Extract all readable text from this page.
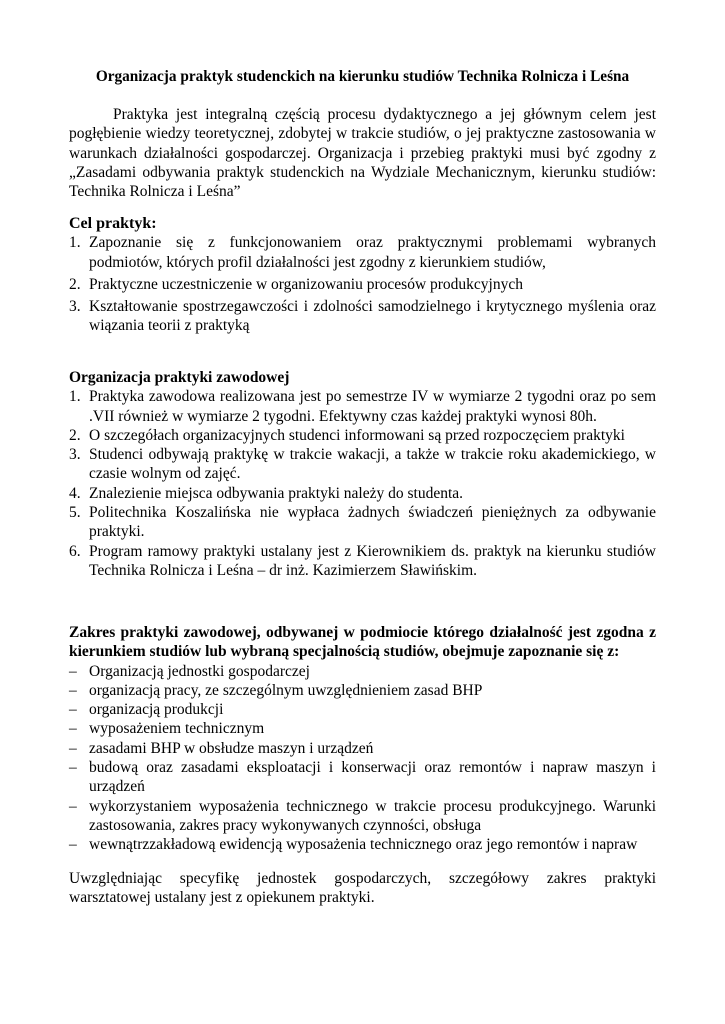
Organizacja praktyk studenckich na kierunku studiów Technika Rolnicza i Leśna

Praktyka jest integralną częścią procesu dydaktycznego a jej głównym celem jest pogłębienie wiedzy teoretycznej, zdobytej w trakcie studiów, o jej praktyczne zastosowania w warunkach działalności gospodarczej. Organizacja i przebieg praktyki musi być zgodny z „Zasadami odbywania praktyk studenckich na Wydziale Mechanicznym, kierunku studiów: Technika Rolnicza i Leśna”

Cel praktyk:

1. Zapoznanie się z funkcjonowaniem oraz praktycznymi problemami wybranych podmiotów, których profil działalności jest zgodny z kierunkiem studiów,
2. Praktyczne uczestniczenie w organizowaniu procesów produkcyjnych
3. Kształtowanie spostrzegawczości i zdolności samodzielnego i krytycznego myślenia oraz wiązania teorii z praktyką

Organizacja praktyki zawodowej

1. Praktyka zawodowa realizowana jest po semestrze IV w wymiarze 2 tygodni oraz po sem .VII również w wymiarze 2 tygodni. Efektywny czas każdej praktyki wynosi 80h.
2. O szczegółach organizacyjnych studenci informowani są przed rozpoczęciem praktyki
3. Studenci odbywają praktykę w trakcie wakacji, a także w trakcie roku akademickiego, w czasie wolnym od zajęć.
4. Znalezienie miejsca odbywania praktyki należy do studenta.
5. Politechnika Koszalińska nie wypłaca żadnych świadczeń pieniężnych za odbywanie praktyki.
6. Program ramowy praktyki ustalany jest z Kierownikiem ds. praktyk na kierunku studiów Technika Rolnicza i Leśna – dr inż. Kazimierzem Sławińskim.

Zakres praktyki zawodowej, odbywanej w podmiocie którego działalność jest zgodna z kierunkiem studiów lub wybraną specjalnością studiów, obejmuje zapoznanie się z:

– Organizacją jednostki gospodarczej
– organizacją pracy, ze szczególnym uwzględnieniem zasad BHP
– organizacją produkcji
– wyposażeniem technicznym
– zasadami BHP w obsłudze maszyn i urządzeń
– budową oraz zasadami eksploatacji i konserwacji oraz remontów i napraw maszyn i urządzeń
– wykorzystaniem wyposażenia technicznego w trakcie procesu produkcyjnego. Warunki zastosowania, zakres pracy wykonywanych czynności, obsługa
– wewnątrzzakładową ewidencją wyposażenia technicznego oraz jego remontów i napraw

Uwzględniając specyfikę jednostek gospodarczych, szczegółowy zakres praktyki warsztatowej ustalany jest z opiekunem praktyki.
